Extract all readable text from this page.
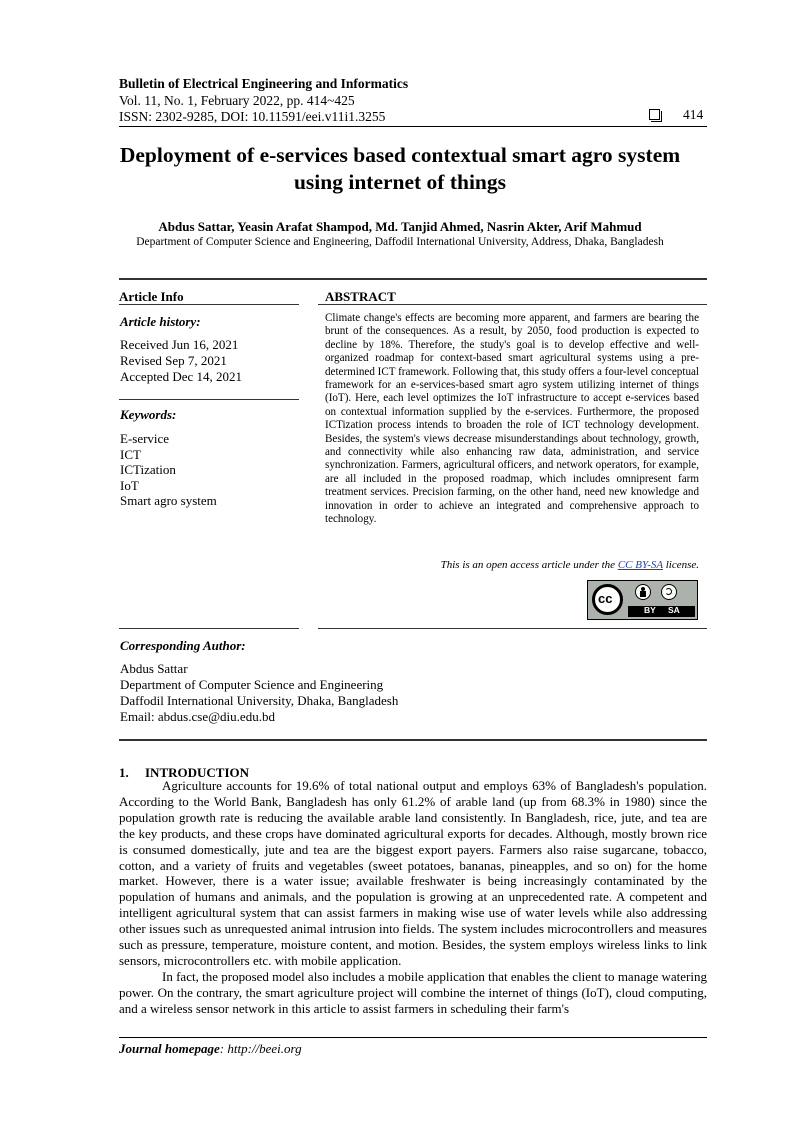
Bulletin of Electrical Engineering and Informatics
Vol. 11, No. 1, February 2022, pp. 414~425
ISSN: 2302-9285, DOI: 10.11591/eei.v11i1.3255	414
Deployment of e-services based contextual smart agro system
using internet of things
Abdus Sattar, Yeasin Arafat Shampod, Md. Tanjid Ahmed, Nasrin Akter, Arif Mahmud
Department of Computer Science and Engineering, Daffodil International University, Address, Dhaka, Bangladesh
Article Info
Article history:
Received Jun 16, 2021
Revised Sep 7, 2021
Accepted Dec 14, 2021
Keywords:
E-service
ICT
ICTization
IoT
Smart agro system
ABSTRACT
Climate change's effects are becoming more apparent, and farmers are bearing the brunt of the consequences. As a result, by 2050, food production is expected to decline by 18%. Therefore, the study's goal is to develop effective and well-organized roadmap for context-based smart agricultural systems using a pre-determined ICT framework. Following that, this study offers a four-level conceptual framework for an e-services-based smart agro system utilizing internet of things (IoT). Here, each level optimizes the IoT infrastructure to accept e-services based on contextual information supplied by the e-services. Furthermore, the proposed ICTization process intends to broaden the role of ICT technology development. Besides, the system's views decrease misunderstandings about technology, growth, and connectivity while also enhancing raw data, administration, and service synchronization. Farmers, agricultural officers, and network operators, for example, are all included in the proposed roadmap, which includes omnipresent farm treatment services. Precision farming, on the other hand, need new knowledge and innovation in order to achieve an integrated and comprehensive approach to technology.
This is an open access article under the CC BY-SA license.
cc
BY SA
Corresponding Author:
Abdus Sattar
Department of Computer Science and Engineering
Daffodil International University, Dhaka, Bangladesh
Email: abdus.cse@diu.edu.bd
1. INTRODUCTION

Agriculture accounts for 19.6% of total national output and employs 63% of Bangladesh's population. According to the World Bank, Bangladesh has only 61.2% of arable land (up from 68.3% in 1980) since the population growth rate is reducing the available arable land consistently. In Bangladesh, rice, jute, and tea are the key products, and these crops have dominated agricultural exports for decades. Although, mostly brown rice is consumed domestically, jute and tea are the biggest export payers. Farmers also raise sugarcane, tobacco, cotton, and a variety of fruits and vegetables (sweet potatoes, bananas, pineapples, and so on) for the home market. However, there is a water issue; available freshwater is being increasingly contaminated by the population of humans and animals, and the population is growing at an unprecedented rate. A competent and intelligent agricultural system that can assist farmers in making wise use of water levels while also addressing other issues such as unrequested animal intrusion into fields. The system includes microcontrollers and measures such as pressure, temperature, moisture content, and motion. Besides, the system employs wireless links to link sensors, microcontrollers etc. with mobile application.

In fact, the proposed model also includes a mobile application that enables the client to manage watering power. On the contrary, the smart agriculture project will combine the internet of things (IoT), cloud computing, and a wireless sensor network in this article to assist farmers in scheduling their farm's

Journal homepage: http://beei.org
